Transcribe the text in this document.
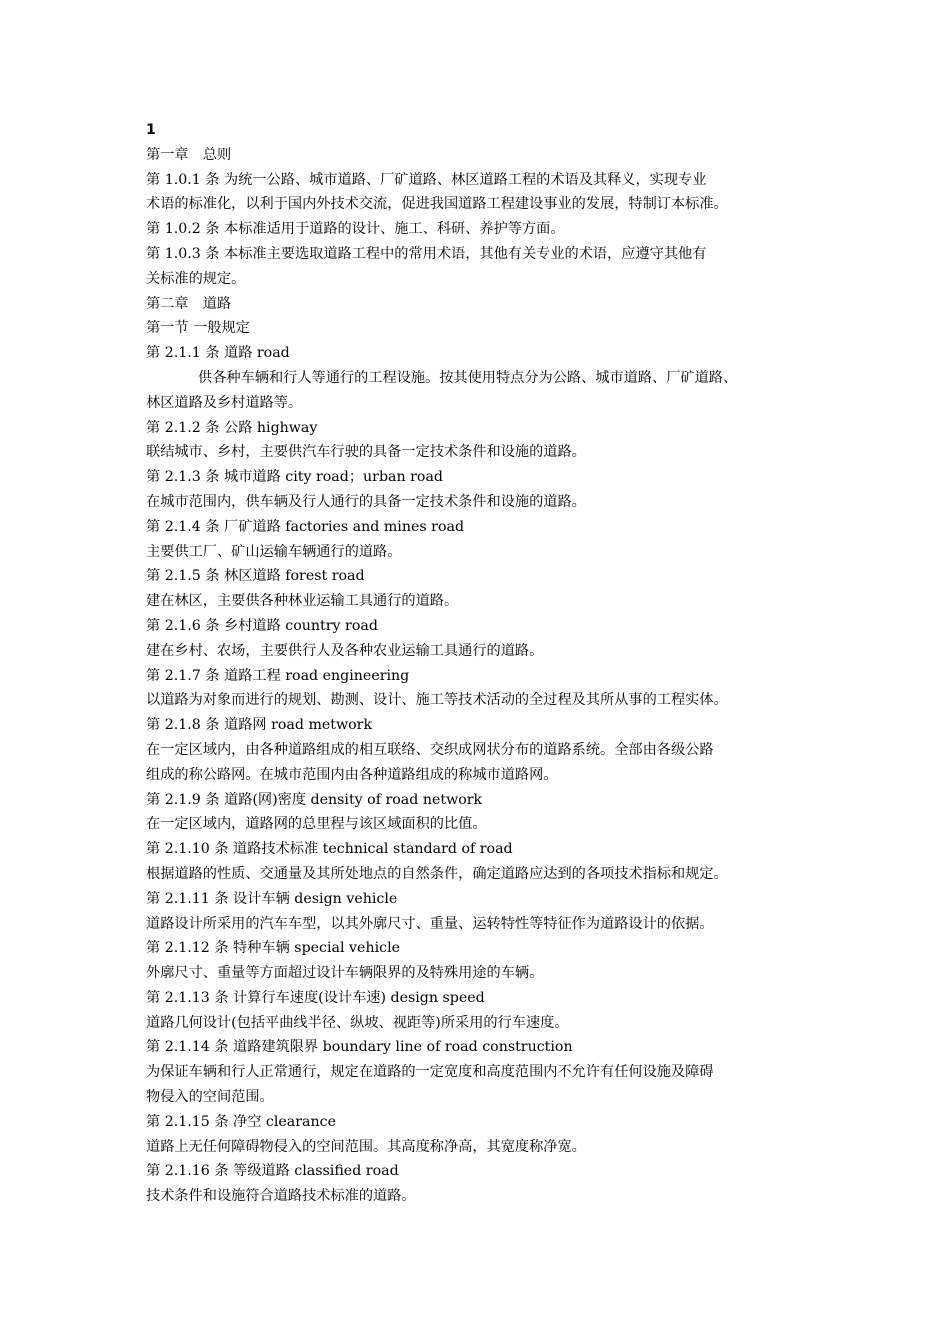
1
第一章　总则
第 1.0.1 条 为统一公路、城市道路、厂矿道路、林区道路工程的术语及其释义，实现专业
术语的标准化，以利于国内外技术交流，促进我国道路工程建设事业的发展，特制订本标准。
第 1.0.2 条 本标准适用于道路的设计、施工、科研、养护等方面。
第 1.0.3 条 本标准主要选取道路工程中的常用术语，其他有关专业的术语，应遵守其他有
关标准的规定。
第二章　道路
第一节 一般规定
第 2.1.1 条 道路 road
供各种车辆和行人等通行的工程设施。按其使用特点分为公路、城市道路、厂矿道路、
林区道路及乡村道路等。
第 2.1.2 条 公路 highway
联结城市、乡村，主要供汽车行驶的具备一定技术条件和设施的道路。
第 2.1.3 条 城市道路 city road；urban road
在城市范围内，供车辆及行人通行的具备一定技术条件和设施的道路。
第 2.1.4 条 厂矿道路 factories and mines road
主要供工厂、矿山运输车辆通行的道路。
第 2.1.5 条 林区道路 forest road
建在林区，主要供各种林业运输工具通行的道路。
第 2.1.6 条 乡村道路 country road
建在乡村、农场，主要供行人及各种农业运输工具通行的道路。
第 2.1.7 条 道路工程 road engineering
以道路为对象而进行的规划、勘测、设计、施工等技术活动的全过程及其所从事的工程实体。
第 2.1.8 条 道路网 road metwork
在一定区域内，由各种道路组成的相互联络、交织成网状分布的道路系统。全部由各级公路
组成的称公路网。在城市范围内由各种道路组成的称城市道路网。
第 2.1.9 条 道路(网)密度 density of road network
在一定区域内，道路网的总里程与该区域面积的比值。
第 2.1.10 条 道路技术标准 technical standard of road
根据道路的性质、交通量及其所处地点的自然条件，确定道路应达到的各项技术指标和规定。
第 2.1.11 条 设计车辆 design vehicle
道路设计所采用的汽车车型，以其外廓尺寸、重量、运转特性等特征作为道路设计的依据。
第 2.1.12 条 特种车辆 special vehicle
外廓尺寸、重量等方面超过设计车辆限界的及特殊用途的车辆。
第 2.1.13 条 计算行车速度(设计车速) design speed
道路几何设计(包括平曲线半径、纵坡、视距等)所采用的行车速度。
第 2.1.14 条 道路建筑限界 boundary line of road construction
为保证车辆和行人正常通行，规定在道路的一定宽度和高度范围内不允许有任何设施及障碍
物侵入的空间范围。
第 2.1.15 条 净空 clearance
道路上无任何障碍物侵入的空间范围。其高度称净高，其宽度称净宽。
第 2.1.16 条 等级道路 classified road
技术条件和设施符合道路技术标准的道路。
